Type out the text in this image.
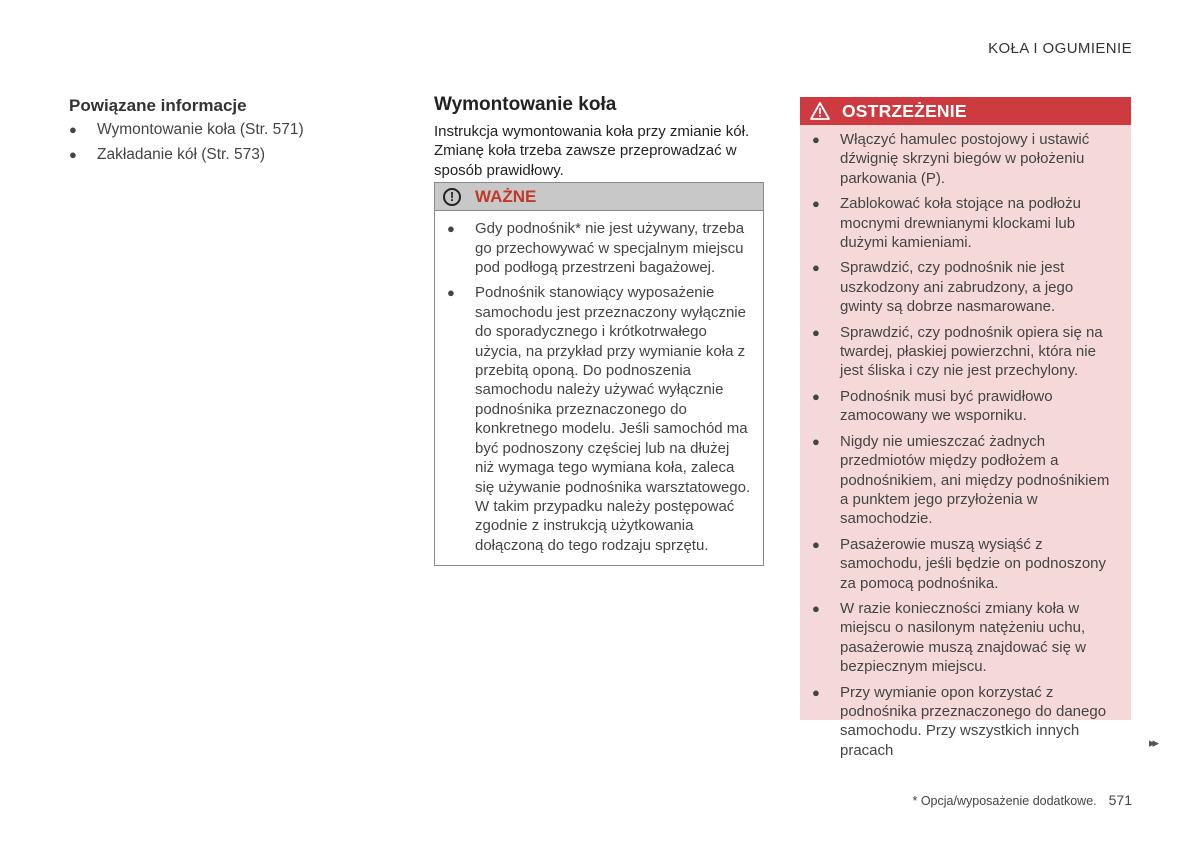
KOŁA I OGUMIENIE
Powiązane informacje
● Wymontowanie koła (Str. 571)
● Zakładanie kół (Str. 573)
Wymontowanie koła

Instrukcja wymontowania koła przy zmianie kół. Zmianę koła trzeba zawsze przeprowadzać w sposób prawidłowy.

!	WAŻNE
● Gdy podnośnik* nie jest używany, trzeba go przechowywać w specjalnym miejscu pod podłogą przestrzeni bagażowej.
● Podnośnik stanowiący wyposażenie samochodu jest przeznaczony wyłącznie do sporadycznego i krótkotrwałego użycia, na przykład przy wymianie koła z przebitą oponą. Do podnoszenia samochodu należy używać wyłącznie podnośnika przeznaczonego do konkretnego modelu. Jeśli samochód ma być podnoszony częściej lub na dłużej niż wymaga tego wymiana koła, zaleca się używanie podnośnika warsztatowego. W takim przypadku należy postępować zgodnie z instrukcją użytkowania dołączoną do tego rodzaju sprzętu.
OSTRZEŻENIE
● Włączyć hamulec postojowy i ustawić dźwignię skrzyni biegów w położeniu parkowania (P).
● Zablokować koła stojące na podłożu mocnymi drewnianymi klockami lub dużymi kamieniami.
● Sprawdzić, czy podnośnik nie jest uszkodzony ani zabrudzony, a jego gwinty są dobrze nasmarowane.
● Sprawdzić, czy podnośnik opiera się na twardej, płaskiej powierzchni, która nie jest śliska i czy nie jest przechylony.
● Podnośnik musi być prawidłowo zamocowany we wsporniku.
● Nigdy nie umieszczać żadnych przedmiotów między podłożem a podnośnikiem, ani między podnośnikiem a punktem jego przyłożenia w samochodzie.
● Pasażerowie muszą wysiąść z samochodu, jeśli będzie on podnoszony za pomocą podnośnika.
● W razie konieczności zmiany koła w miejscu o nasilonym natężeniu uchu, pasażerowie muszą znajdować się w bezpiecznym miejscu.
● Przy wymianie opon korzystać z podnośnika przeznaczonego do danego samochodu. Przy wszystkich innych pracach	▸▸
* Opcja/wyposażenie dodatkowe. 571
